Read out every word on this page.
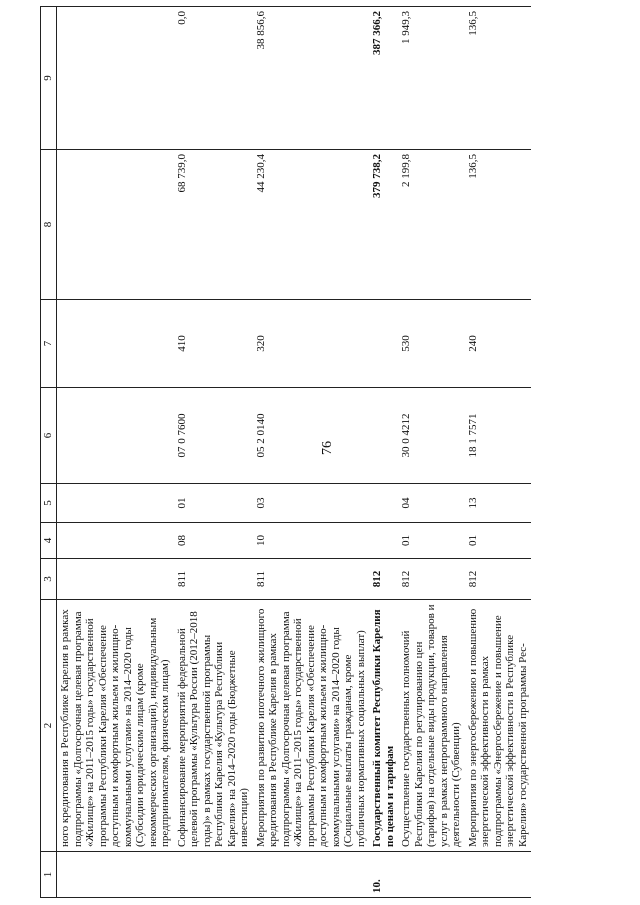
76
1	2	3	4	5	6	7	8	9
	ного кредитования в Республике Карелия в рамках подпрограммы «Долгосрочная целевая программа «Жилище» на 2011–2015 годы» государственной программы Республики Карелия «Обеспечение доступным и комфортным жильем и жилищно-коммунальными услугами» на 2014–2020 годы (Субсидии юридическим лицам (кроме некоммерческих организаций), индивидуальным предпринимателям, физическим лицам)							
	Софинансирование мероприятий федеральной целевой программы «Культура России (2012–2018 годы)» в рамках государственной программы Республики Карелия «Культура Республики Карелия» на 2014–2020 годы (Бюджетные инвестиции)	811	08	01	07 0 7600	410	68 739,0	0,0
	Мероприятия по развитию ипотечного жилищного кредитования в Республике Карелия в рамках подпрограммы «Долгосрочная целевая программа «Жилище» на 2011–2015 годы» государственной программы Республики Карелия «Обеспечение доступным и комфортным жильем и жилищно-коммунальными услугами» на 2014–2020 годы (Социальные выплаты гражданам, кроме публичных нормативных социальных выплат)	811	10	03	05 2 0140	320	44 230,4	38 856,6
10.	Государственный комитет Республики Карелия по ценам и тарифам	812					379 738,2	387 366,2
	Осуществление государственных полномочий Республики Карелия по регулированию цен (тарифов) на отдельные виды продукции, товаров и услуг в рамках непрограммного направления деятельности (Субвенции)	812	01	04	30 0 4212	530	2 199,8	1 949,3
	Мероприятия по энергосбережению и повышению энергетической эффективности в рамках подпрограммы «Энергосбережение и повышение энергетической эффективности в Республике Карелия» государственной программы Рес-	812	01	13	18 1 7571	240	136,5	136,5
